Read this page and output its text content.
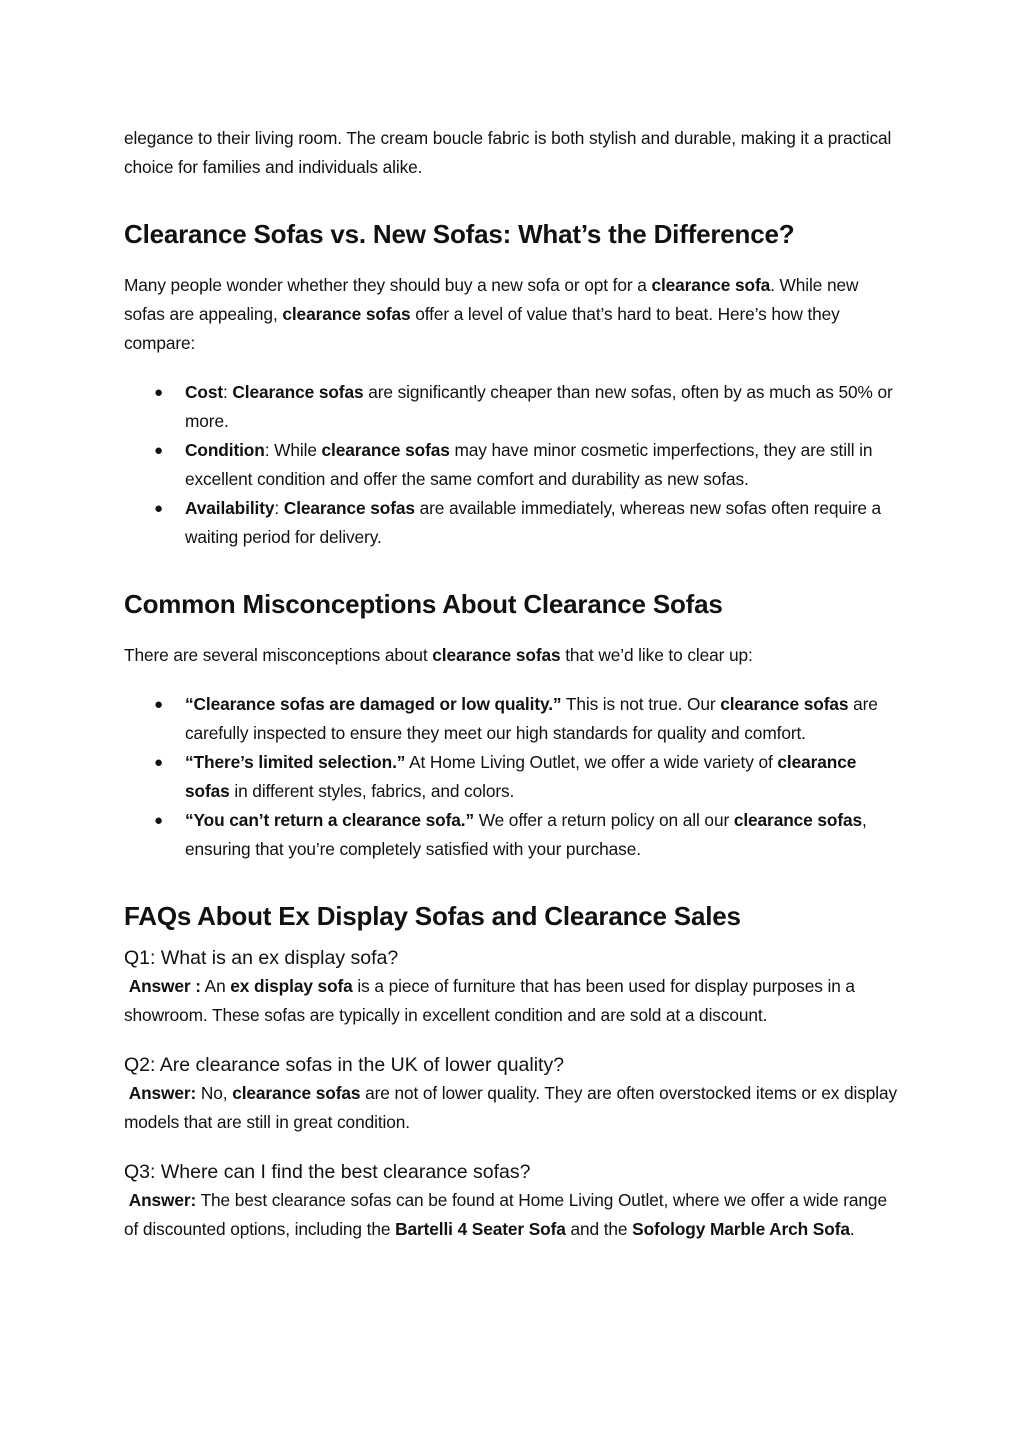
elegance to their living room. The cream boucle fabric is both stylish and durable, making it a practical choice for families and individuals alike.

Clearance Sofas vs. New Sofas: What’s the Difference?

Many people wonder whether they should buy a new sofa or opt for a clearance sofa. While new sofas are appealing, clearance sofas offer a level of value that’s hard to beat. Here’s how they compare:

● Cost: Clearance sofas are significantly cheaper than new sofas, often by as much as 50% or more.
● Condition: While clearance sofas may have minor cosmetic imperfections, they are still in excellent condition and offer the same comfort and durability as new sofas.
● Availability: Clearance sofas are available immediately, whereas new sofas often require a waiting period for delivery.
Common Misconceptions About Clearance Sofas

There are several misconceptions about clearance sofas that we’d like to clear up:

● “Clearance sofas are damaged or low quality.” This is not true. Our clearance sofas are carefully inspected to ensure they meet our high standards for quality and comfort.
● “There’s limited selection.” At Home Living Outlet, we offer a wide variety of clearance sofas in different styles, fabrics, and colors.
● “You can’t return a clearance sofa.” We offer a return policy on all our clearance sofas, ensuring that you’re completely satisfied with your purchase.
FAQs About Ex Display Sofas and Clearance Sales
Q1: What is an ex display sofa?

Answer : An ex display sofa is a piece of furniture that has been used for display purposes in a showroom. These sofas are typically in excellent condition and are sold at a discount.

Q2: Are clearance sofas in the UK of lower quality?

Answer: No, clearance sofas are not of lower quality. They are often overstocked items or ex display models that are still in great condition.

Q3: Where can I find the best clearance sofas?

Answer: The best clearance sofas can be found at Home Living Outlet, where we offer a wide range of discounted options, including the Bartelli 4 Seater Sofa and the Sofology Marble Arch Sofa.
